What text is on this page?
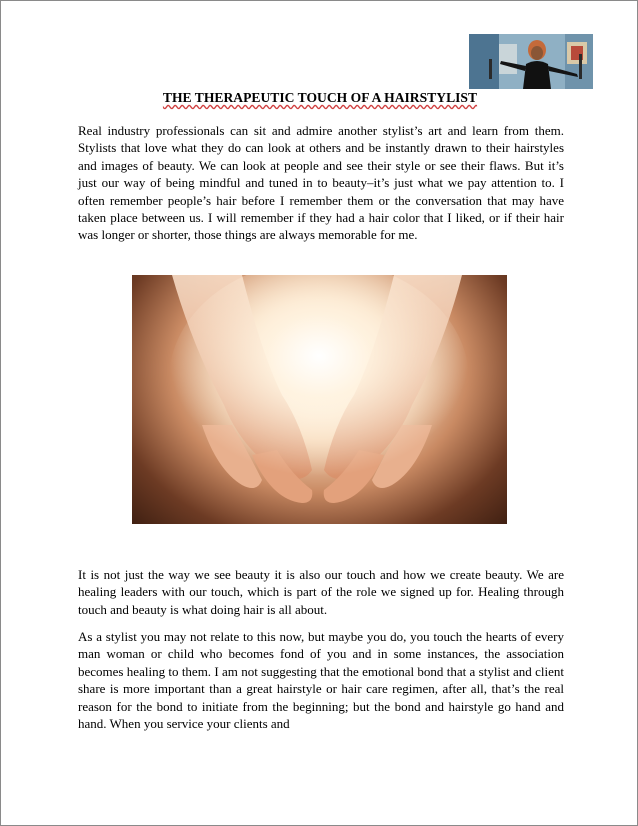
THE THERAPEUTIC TOUCH OF A HAIRSTYLIST

Real industry professionals can sit and admire another stylist’s art and learn from them. Stylists that love what they do can look at others and be instantly drawn to their hairstyles and images of beauty. We can look at people and see their style or see their flaws. But it’s just our way of being mindful and tuned in to beauty–it’s just what we pay attention to. I often remember people’s hair before I remember them or the conversation that may have taken place between us. I will remember if they had a hair color that I liked, or if their hair was longer or shorter, those things are always memorable for me.

It is not just the way we see beauty it is also our touch and how we create beauty. We are healing leaders with our touch, which is part of the role we signed up for. Healing through touch and beauty is what doing hair is all about.

As a stylist you may not relate to this now, but maybe you do, you touch the hearts of every man woman or child who becomes fond of you and in some instances, the association becomes healing to them. I am not suggesting that the emotional bond that a stylist and client share is more important than a great hairstyle or hair care regimen, after all, that’s the real reason for the bond to initiate from the beginning; but the bond and hairstyle go hand and hand. When you service your clients and
